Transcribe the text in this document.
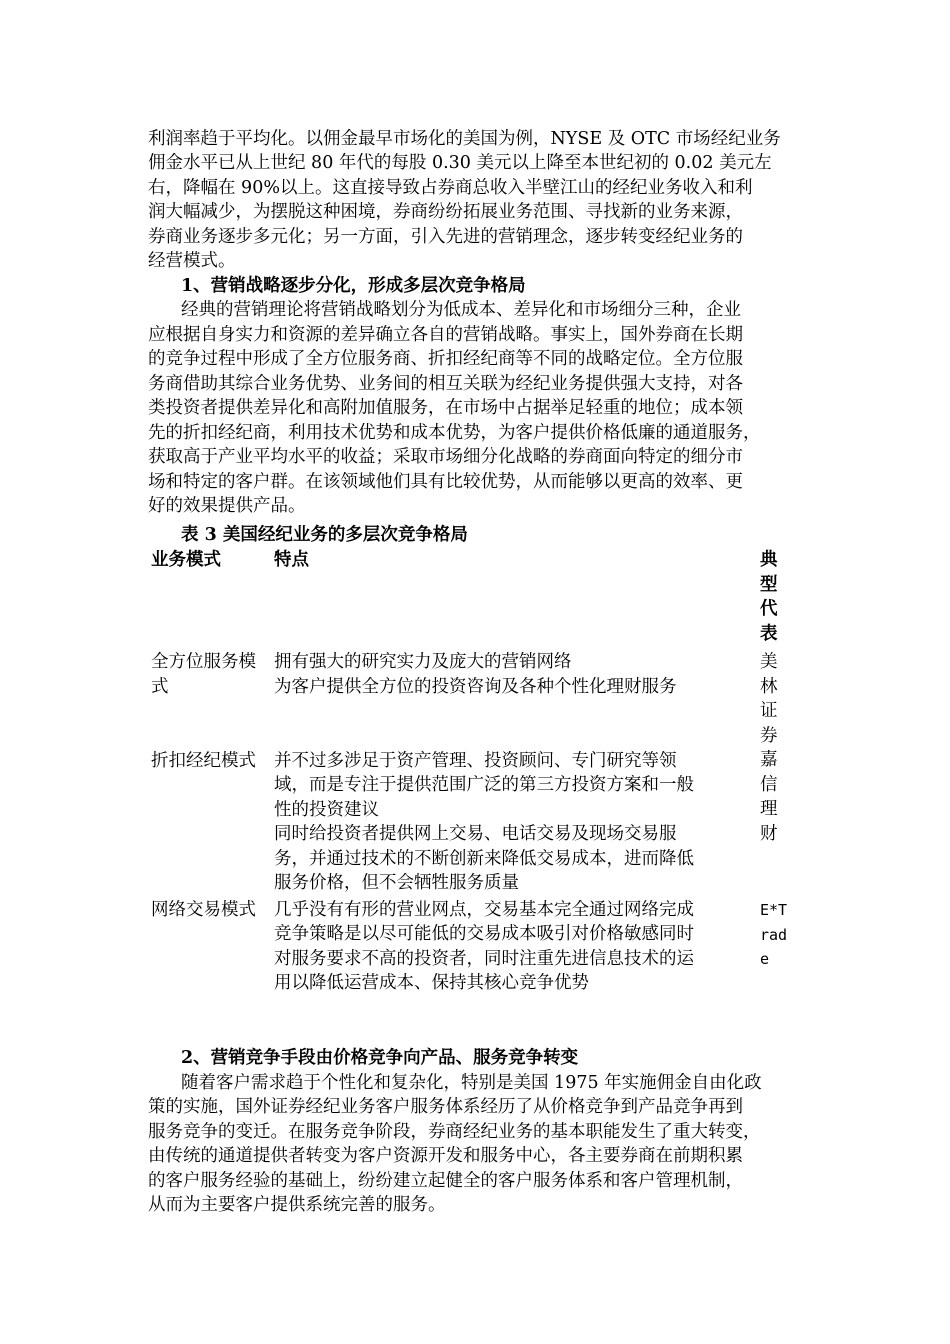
利润率趋于平均化。以佣金最早市场化的美国为例，NYSE 及 OTC 市场经纪业务
佣金水平已从上世纪 80 年代的每股 0.30 美元以上降至本世纪初的 0.02 美元左
右，降幅在 90%以上。这直接导致占券商总收入半壁江山的经纪业务收入和利
润大幅减少，为摆脱这种困境，券商纷纷拓展业务范围、寻找新的业务来源，
券商业务逐步多元化；另一方面，引入先进的营销理念，逐步转变经纪业务的
经营模式。
1、营销战略逐步分化，形成多层次竞争格局
经典的营销理论将营销战略划分为低成本、差异化和市场细分三种，企业
应根据自身实力和资源的差异确立各自的营销战略。事实上，国外券商在长期
的竞争过程中形成了全方位服务商、折扣经纪商等不同的战略定位。全方位服
务商借助其综合业务优势、业务间的相互关联为经纪业务提供强大支持，对各
类投资者提供差异化和高附加值服务，在市场中占据举足轻重的地位；成本领
先的折扣经纪商，利用技术优势和成本优势，为客户提供价格低廉的通道服务，
获取高于产业平均水平的收益；采取市场细分化战略的券商面向特定的细分市
场和特定的客户群。在该领域他们具有比较优势，从而能够以更高的效率、更
好的效果提供产品。
表 3 美国经纪业务的多层次竞争格局
业务模式	特点	典
型
代
表
全方位服务模
式
拥有强大的研究实力及庞大的营销网络
为客户提供全方位的投资咨询及各种个性化理财服务
美
林
证
券
嘉
信
理
财
折扣经纪模式 并不过多涉足于资产管理、投资顾问、专门研究等领
域，而是专注于提供范围广泛的第三方投资方案和一般
性的投资建议
同时给投资者提供网上交易、电话交易及现场交易服
务，并通过技术的不断创新来降低交易成本，进而降低
服务价格，但不会牺牲服务质量
网络交易模式 几乎没有有形的营业网点，交易基本完全通过网络完成
竞争策略是以尽可能低的交易成本吸引对价格敏感同时
对服务要求不高的投资者，同时注重先进信息技术的运
用以降低运营成本、保持其核心竞争优势
E*T
rad
e
2、营销竞争手段由价格竞争向产品、服务竞争转变
随着客户需求趋于个性化和复杂化，特别是美国 1975 年实施佣金自由化政
策的实施，国外证券经纪业务客户服务体系经历了从价格竞争到产品竞争再到
服务竞争的变迁。在服务竞争阶段，券商经纪业务的基本职能发生了重大转变，
由传统的通道提供者转变为客户资源开发和服务中心，各主要券商在前期积累
的客户服务经验的基础上，纷纷建立起健全的客户服务体系和客户管理机制，
从而为主要客户提供系统完善的服务。
